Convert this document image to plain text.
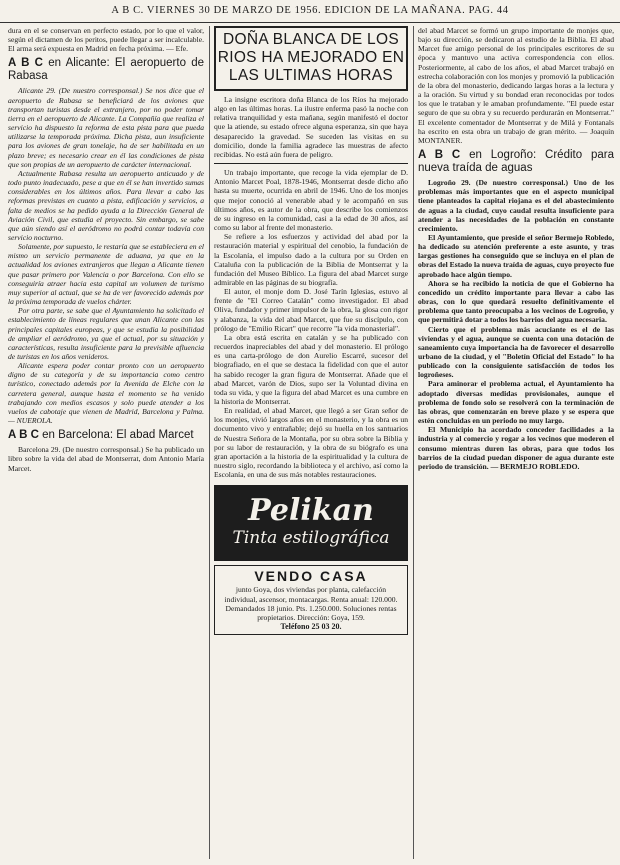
A B C. VIERNES 30 DE MARZO DE 1956. EDICION DE LA MAÑANA. PAG. 44

dura en el se conservan en perfecto estado, por lo que el valor, según el dictamen de los peritos, puede llegar a ser incalculable. El arma será expuesta en Madrid en fecha próxima. — Efe.

A B C en Alicante: El aeropuerto de Rabasa

Alicante 29. (De nuestro corresponsal.) Se nos dice que el aeropuerto de Rabasa se beneficiará de los aviones que transportan turistas desde el extranjero, por no poder tomar tierra en el aeropuerto de Alicante. La Compañía que realiza el servicio ha dispuesto la reforma de esta pista para que pueda utilizarse la temporada próxima. Dicha pista, aun insuficiente para los aviones de gran tonelaje, ha de ser habilitada en un plazo breve; es necesario crear en él las condiciones de pista que son propias de un aeropuerto de carácter internacional.

Actualmente Rabasa resulta un aeropuerto anticuado y de todo punto inadecuado, pese a que en él se han invertido sumas considerables en los últimos años. Para llevar a cabo las reformas previstas en cuanto a pista, edificación y servicios, a falta de medios se ha pedido ayuda a la Dirección General de Aviación Civil, que estudia el proyecto. Sin embargo, se sabe que aún siendo así el aeródromo no podrá contar todavía con servicio nocturno.

Solamente, por supuesto, le restaría que se estableciera en el mismo un servicio permanente de aduana, ya que en la actualidad los aviones extranjeros que llegan a Alicante tienen que pasar primero por Valencia o por Barcelona. Con ello se conseguiría atraer hacia esta capital un volumen de turismo muy superior al actual, que se ha de ver favorecido además por la próxima temporada de vuelos chárter.

Por otra parte, se sabe que el Ayuntamiento ha solicitado el establecimiento de líneas regulares que unan Alicante con las principales capitales europeas, y que se estudia la posibilidad de ampliar el aeródromo, ya que el actual, por su situación y características, resulta insuficiente para la previsible afluencia de turistas en los años venideros.

Alicante espera poder contar pronto con un aeropuerto digno de su categoría y de su importancia como centro turístico, conectado además por la Avenida de Elche con la carretera general, aunque hasta el momento se ha venido trabajando con medios escasos y solo puede atender a los vuelos de cabotaje que vienen de Madrid, Barcelona y Palma. — NUEROLA.

A B C en Barcelona: El abad Marcet

Barcelona 29. (De nuestro corresponsal.) Se ha publicado un libro sobre la vida del abad de Montserrat, dom Antonio María Marcet.

DOÑA BLANCA DE LOS RIOS HA MEJORADO EN LAS ULTIMAS HORAS

La insigne escritora doña Blanca de los Ríos ha mejorado algo en las últimas horas. La ilustre enferma pasó la noche con relativa tranquilidad y esta mañana, según manifestó el doctor que la atiende, su estado ofrece alguna esperanza, sin que haya desaparecido la gravedad. Se suceden las visitas en su domicilio, donde la familia agradece las muestras de afecto recibidas. No está aún fuera de peligro.

Un trabajo importante, que recoge la vida ejemplar de D. Antonio Marcet Poal, 1878-1946, Montserrat desde dicho año hasta su muerte, ocurrida en abril de 1946. Uno de los monjes que mejor conoció al venerable abad y le acompañó en sus últimos años, es autor de la obra, que describe los comienzos de su ingreso en la comunidad, casi a la edad de 30 años, así como su labor al frente del monasterio.

Se refiere a los esfuerzos y actividad del abad por la restauración material y espiritual del cenobio, la fundación de la Escolanía, el impulso dado a la cultura por su Orden en Cataluña con la publicación de la Biblia de Montserrat y la fundación del Museo Bíblico. La figura del abad Marcet surge admirable en las páginas de su biografía.

El autor, el monje dom D. José Tarín Iglesias, estuvo al frente de "El Correo Catalán" como investigador. El abad Oliva, fundador y primer impulsor de la obra, la glosa con rigor y alabanza, la vida del abad Marcet, que fue su discípulo, con prólogo de "Emilio Ricart" que recorre "la vida monasterial".

La obra está escrita en catalán y se ha publicado con recuerdos inapreciables del abad y del monasterio. El prólogo es una carta-prólogo de don Aurelio Escarré, sucesor del biografiado, en el que se destaca la fidelidad con que el autor ha sabido recoger la gran figura de Montserrat. Añade que el abad Marcet, varón de Dios, supo ser la Voluntad divina en toda su vida, y que la figura del abad Marcet es una cumbre en la historia de Montserrat.

En realidad, el abad Marcet, que llegó a ser Gran señor de los monjes, vivió largos años en el monasterio, y la obra es un documento vivo y entrañable; dejó su huella en los santuarios de Nuestra Señora de la Montaña, por su obra sobre la Biblia y por su labor de restauración, y la obra de su biógrafo es una gran aportación a la historia de la espiritualidad y la cultura de nuestro siglo, recordando la biblioteca y el archivo, así como la Escolanía, en una de sus más notables restauraciones.

Pelikan
Tinta estilográfica
VENDO CASA
junto Goya, dos viviendas por planta, calefacción individual, ascensor, montacargas. Renta anual: 120.000. Demandados 18 junio. Pts. 1.250.000. Soluciones rentas propietarios. Dirección: Goya, 159.
Teléfono 25 03 20.

del abad Marcet se formó un grupo importante de monjes que, bajo su dirección, se dedicaron al estudio de la Biblia. El abad Marcet fue amigo personal de los principales escritores de su época y mantuvo una activa correspondencia con ellos. Posteriormente, al cabo de los años, el abad Marcet trabajó en estrecha colaboración con los monjes y promovió la publicación de la obra del monasterio, dedicando largas horas a la lectura y a la oración. Su virtud y su bondad eran reconocidas por todos los que le trataban y le amaban profundamente. "El puede estar seguro de que su obra y su recuerdo perdurarán en Montserrat." El excelente comentador de Montserrat y de Milá y Fontanals ha escrito en esta obra un trabajo de gran mérito. — Joaquín MONTANER.

A B C en Logroño: Crédito para nueva traída de aguas

Logroño 29. (De nuestro corresponsal.) Uno de los problemas más importantes que en el aspecto municipal tiene planteados la capital riojana es el del abastecimiento de aguas a la ciudad, cuyo caudal resulta insuficiente para atender a las necesidades de la población en constante crecimiento.

El Ayuntamiento, que preside el señor Bermejo Robledo, ha dedicado su atención preferente a este asunto, y tras largas gestiones ha conseguido que se incluya en el plan de obras del Estado la nueva traída de aguas, cuyo proyecto fue aprobado hace algún tiempo.

Ahora se ha recibido la noticia de que el Gobierno ha concedido un crédito importante para llevar a cabo las obras, con lo que quedará resuelto definitivamente el problema que tanto preocupaba a los vecinos de Logroño, y que permitirá dotar a todos los barrios del agua necesaria.

Cierto que el problema más acuciante es el de las viviendas y el agua, aunque se cuenta con una dotación de saneamiento cuya importancia ha de favorecer el desarrollo urbano de la ciudad, y el "Boletín Oficial del Estado" lo ha publicado con la consiguiente satisfacción de todos los logroñeses.

Para aminorar el problema actual, el Ayuntamiento ha adoptado diversas medidas provisionales, aunque el problema de fondo solo se resolverá con la terminación de las obras, que comenzarán en breve plazo y se espera que estén concluidas en un periodo no muy largo.

El Municipio ha acordado conceder facilidades a la industria y al comercio y rogar a los vecinos que moderen el consumo mientras duren las obras, para que todos los barrios de la ciudad puedan disponer de agua durante este periodo de transición. — BERMEJO ROBLEDO.
